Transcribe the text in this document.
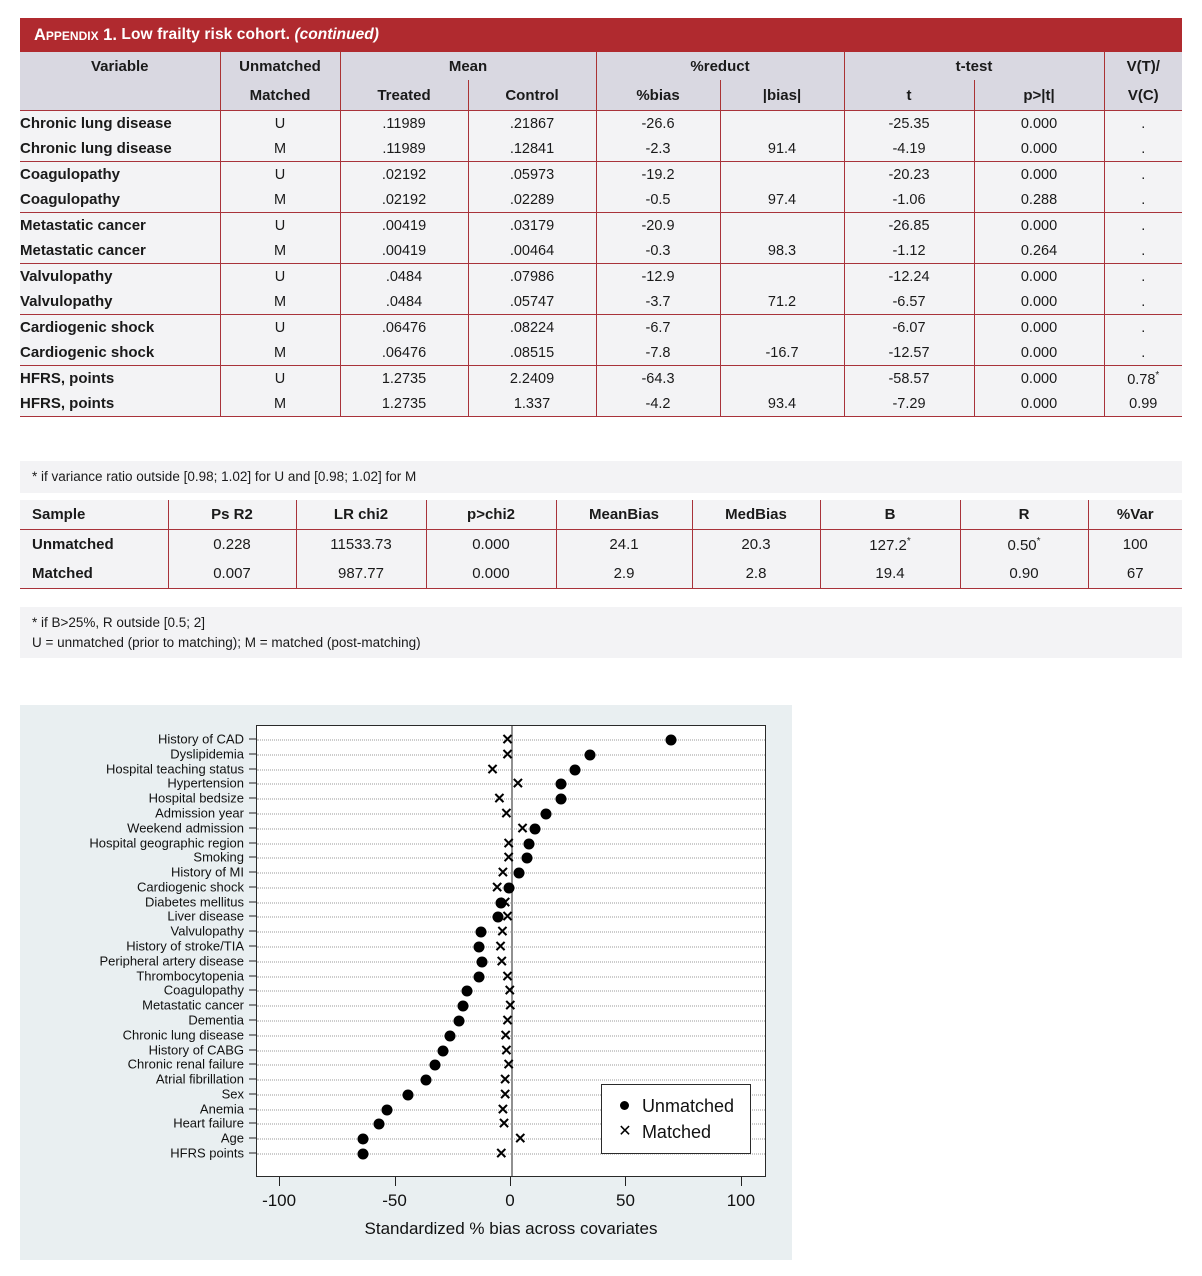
Appendix 1.
Low frailty risk cohort.
(continued)
Variable	Unmatched	Mean		%reduct		t-test		V(T)/
	Matched	Treated	Control	%bias	|bias|	t	p>|t|	V(C)
Chronic lung disease	U	.11989	.21867	-26.6		-25.35	0.000	.
Chronic lung disease	M	.11989	.12841	-2.3	91.4	-4.19	0.000	.
Coagulopathy	U	.02192	.05973	-19.2		-20.23	0.000	.
Coagulopathy	M	.02192	.02289	-0.5	97.4	-1.06	0.288	.
Metastatic cancer	U	.00419	.03179	-20.9		-26.85	0.000	.
Metastatic cancer	M	.00419	.00464	-0.3	98.3	-1.12	0.264	.
Valvulopathy	U	.0484	.07986	-12.9		-12.24	0.000	.
Valvulopathy	M	.0484	.05747	-3.7	71.2	-6.57	0.000	.
Cardiogenic shock	U	.06476	.08224	-6.7		-6.07	0.000	.
Cardiogenic shock	M	.06476	.08515	-7.8	-16.7	-12.57	0.000	.
HFRS, points	U	1.2735	2.2409	-64.3		-58.57	0.000	0.78*
HFRS, points	M	1.2735	1.337	-4.2	93.4	-7.29	0.000	0.99
* if variance ratio outside [0.98; 1.02] for U and [0.98; 1.02] for M
Sample	Ps R2	LR chi2	p>chi2	MeanBias	MedBias	B	R	%Var
Unmatched	0.228	11533.73	0.000	24.1	20.3	127.2*	0.50*	100
Matched	0.007	987.77	0.000	2.9	2.8	19.4	0.90	67
* if B>25%, R outside [0.5; 2]
U = unmatched (prior to matching); M = matched (post-matching)
History of CAD
Dyslipidemia
Hospital teaching status
Hypertension
Hospital bedsize
Admission year
Weekend admission
Hospital geographic region
Smoking
History of MI
Cardiogenic shock
Diabetes mellitus
Liver disease
Valvulopathy
History of stroke/TIA
Peripheral artery disease
Thrombocytopenia
Coagulopathy
Metastatic cancer
Dementia
Chronic lung disease
History of CABG
Chronic renal failure
Atrial fibrillation
Sex
Anemia
Heart failure
Age
HFRS points
✕
✕
✕
✕
✕
✕
✕
✕
✕
✕
✕
✕
✕
✕
✕
✕
✕
✕
✕
✕
✕
✕
✕
✕
✕
✕
✕
✕
✕
Unmatched
✕ Matched
-100	-50	0	50	100
Standardized % bias across covariates
